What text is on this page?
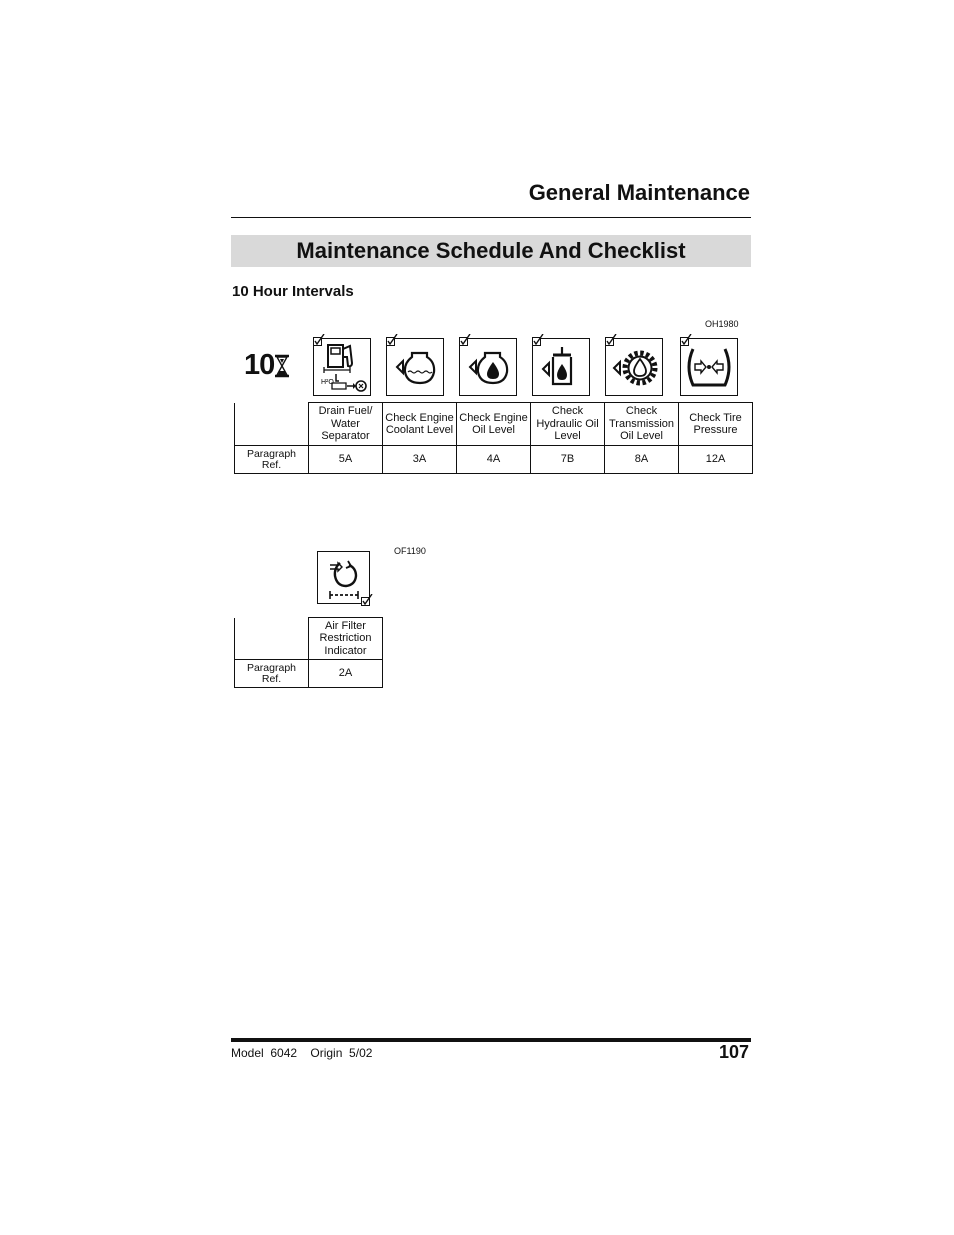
General Maintenance
Maintenance Schedule And Checklist
10 Hour Intervals
OH1980
10
H²O
	Drain Fuel/ Water Separator	Check Engine Coolant Level	Check Engine Oil Level	Check Hydraulic Oil Level	Check Transmission Oil Level	Check Tire Pressure
Paragraph Ref.	5A	3A	4A	7B	8A	12A
OF1190
	Air Filter Restriction Indicator
Paragraph Ref.	2A
Model  6042    Origin  5/02	107
